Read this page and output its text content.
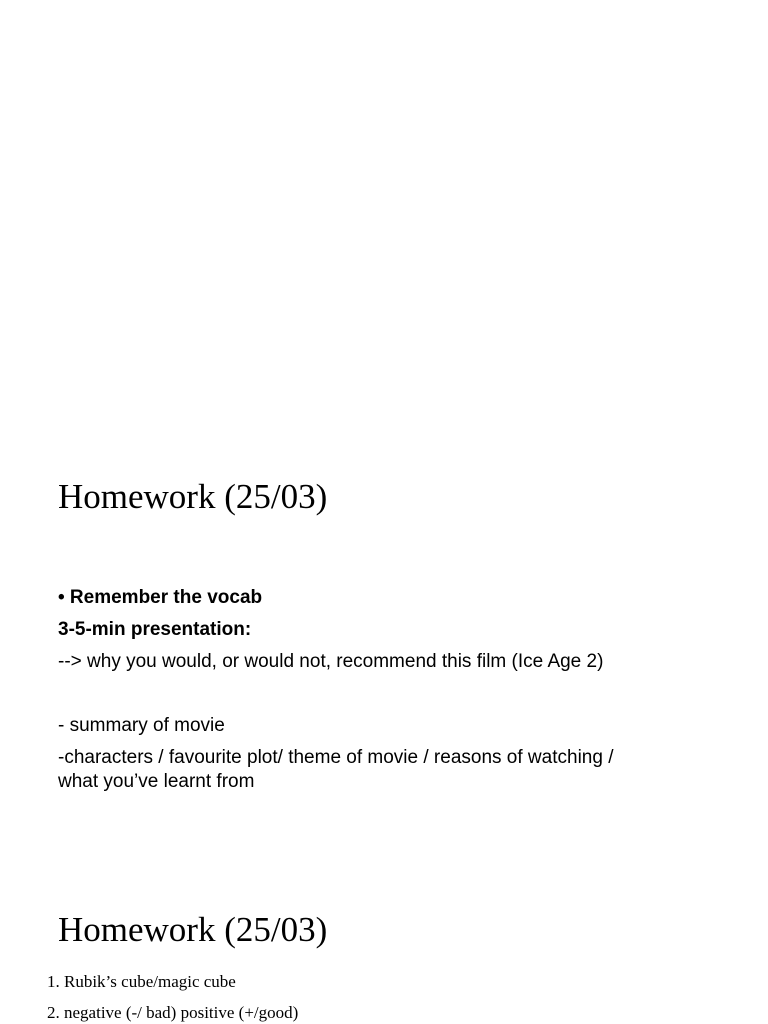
Homework (25/03)

• Remember the vocab

3-5-min presentation:

--> why you would, or would not, recommend this film (Ice Age 2)

- summary of movie

-characters / favourite plot/ theme of movie / reasons of watching /

what you’ve learnt from

Homework (25/03)

1. Rubik’s cube/magic cube

2. negative (-/ bad) positive (+/good)
